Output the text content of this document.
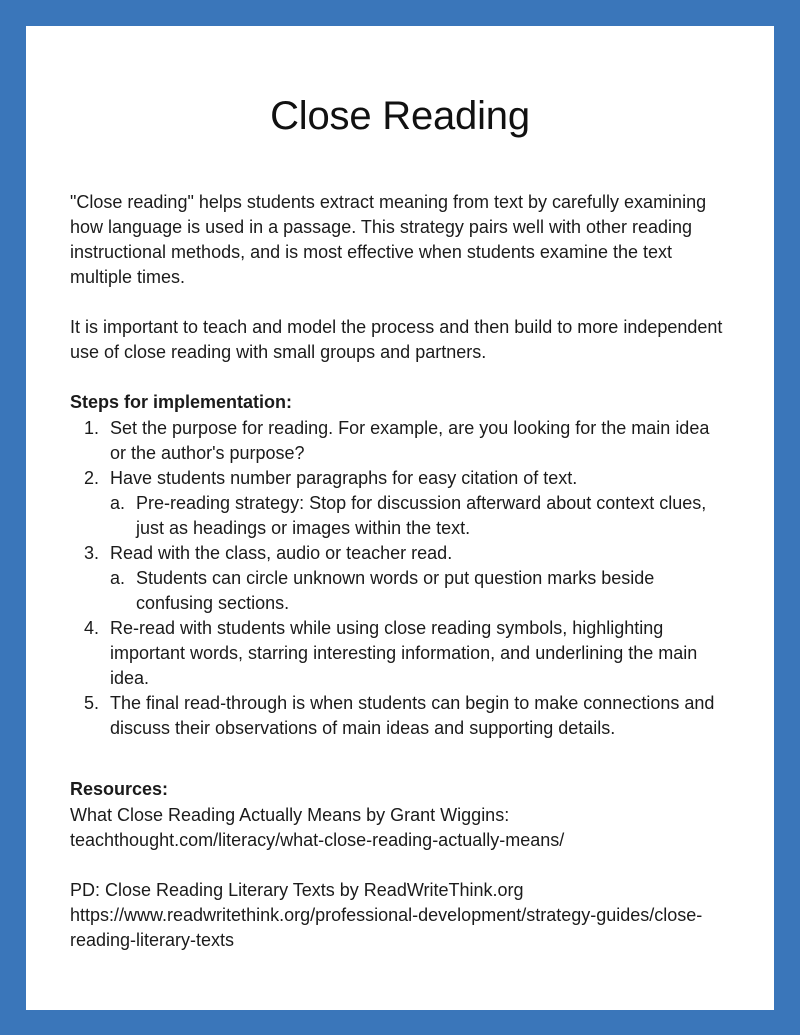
Close Reading

"Close reading" helps students extract meaning from text by carefully examining how language is used in a passage. This strategy pairs well with other reading instructional methods, and is most effective when students examine the text multiple times.

It is important to teach and model the process and then build to more independent use of close reading with small groups and partners.

Steps for implementation:
1. Set the purpose for reading. For example, are you looking for the main idea or the author's purpose?
2. Have students number paragraphs for easy citation of text.
a. Pre-reading strategy: Stop for discussion afterward about context clues, just as headings or images within the text.
3. Read with the class, audio or teacher read.
a. Students can circle unknown words or put question marks beside confusing sections.
4. Re-read with students while using close reading symbols, highlighting important words, starring interesting information, and underlining the main idea.
5. The final read-through is when students can begin to make connections and discuss their observations of main ideas and supporting details.
Resources:
What Close Reading Actually Means by Grant Wiggins:
teachthought.com/literacy/what-close-reading-actually-means/
PD: Close Reading Literary Texts by ReadWriteThink.org
https://www.readwritethink.org/professional-development/strategy-guides/close-reading-literary-texts
